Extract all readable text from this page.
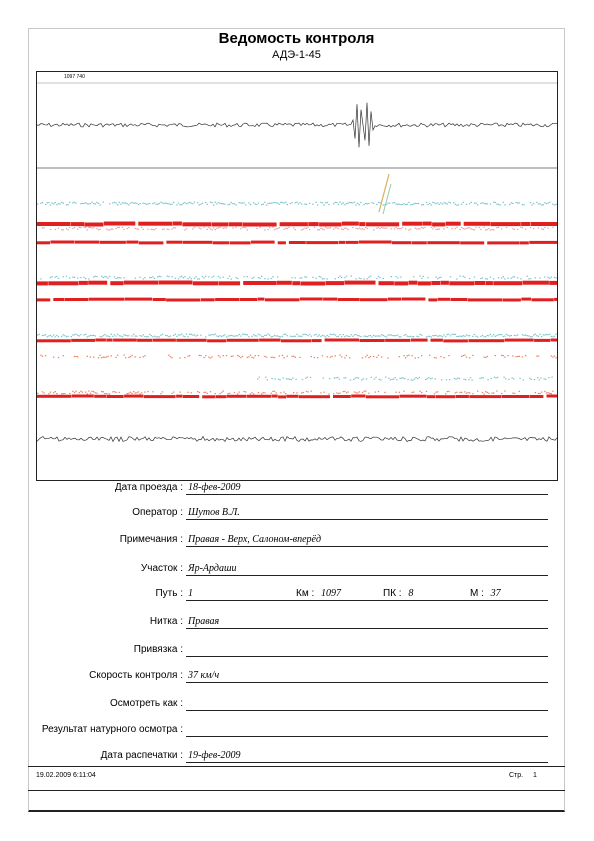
Ведомость контроля
АДЭ-1-45
1097 740
Дата проезда : 18-фев-2009
Оператор : Шутов В.Л.
Примечания : Правая - Верх, Салоном-вперёд
Участок : Яр-Ардаши
Путь : 1	Км : 1097	ПК : 8	М : 37
Нитка : Правая
Привязка :
Скорость контроля : 37 км/ч
Осмотреть как :
Результат натурного осмотра :
Дата распечатки : 19-фев-2009
19.02.2009 6:11:04	Стр. 1
